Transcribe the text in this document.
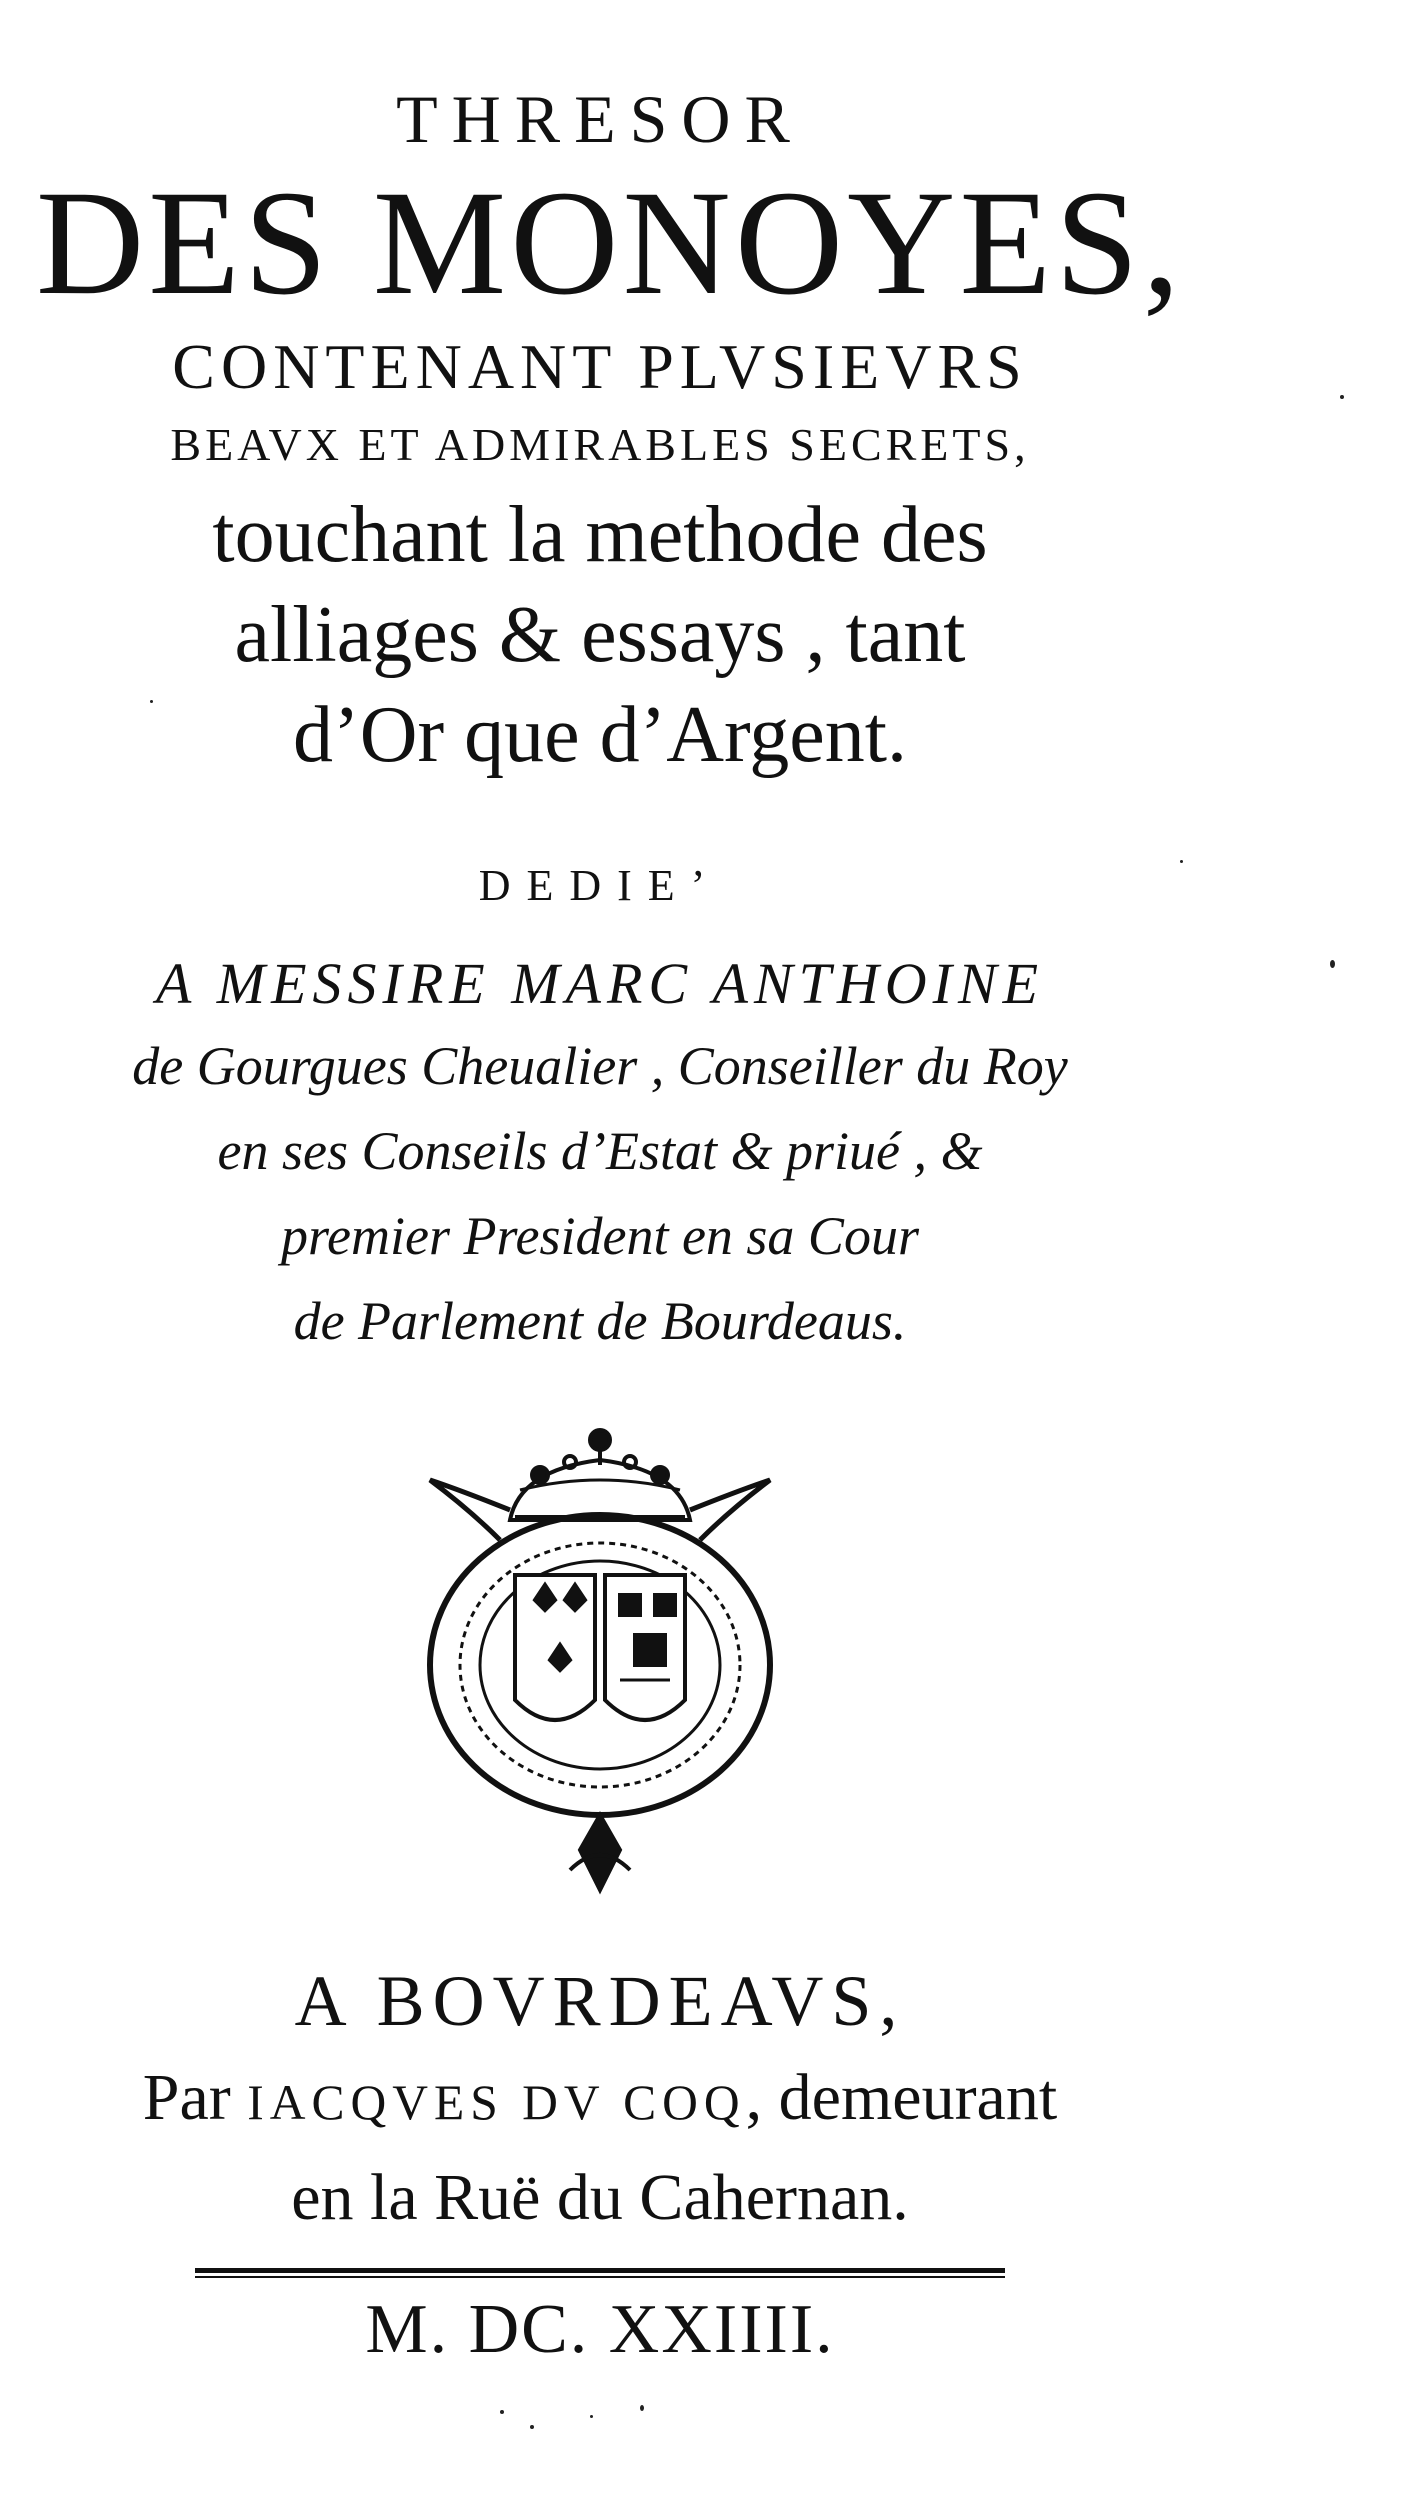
THRESOR
DES MONOYES,
CONTENANT PLVSIEVRS
BEAVX ET ADMIRABLES SECRETS,
touchant la methode des
alliages & essays , tant
d’Or que d’Argent.
DEDIE’
A MESSIRE MARC ANTHOINE
de Gourgues Cheualier , Conseiller du Roy
en ses Conseils d’Estat & priué , &
premier President en sa Cour
de Parlement de Bourdeaus.
A BOVRDEAVS,
Par IACQVES DV COQ, demeurant
en la Ruë du Cahernan.
M. DC. XXIIII.
